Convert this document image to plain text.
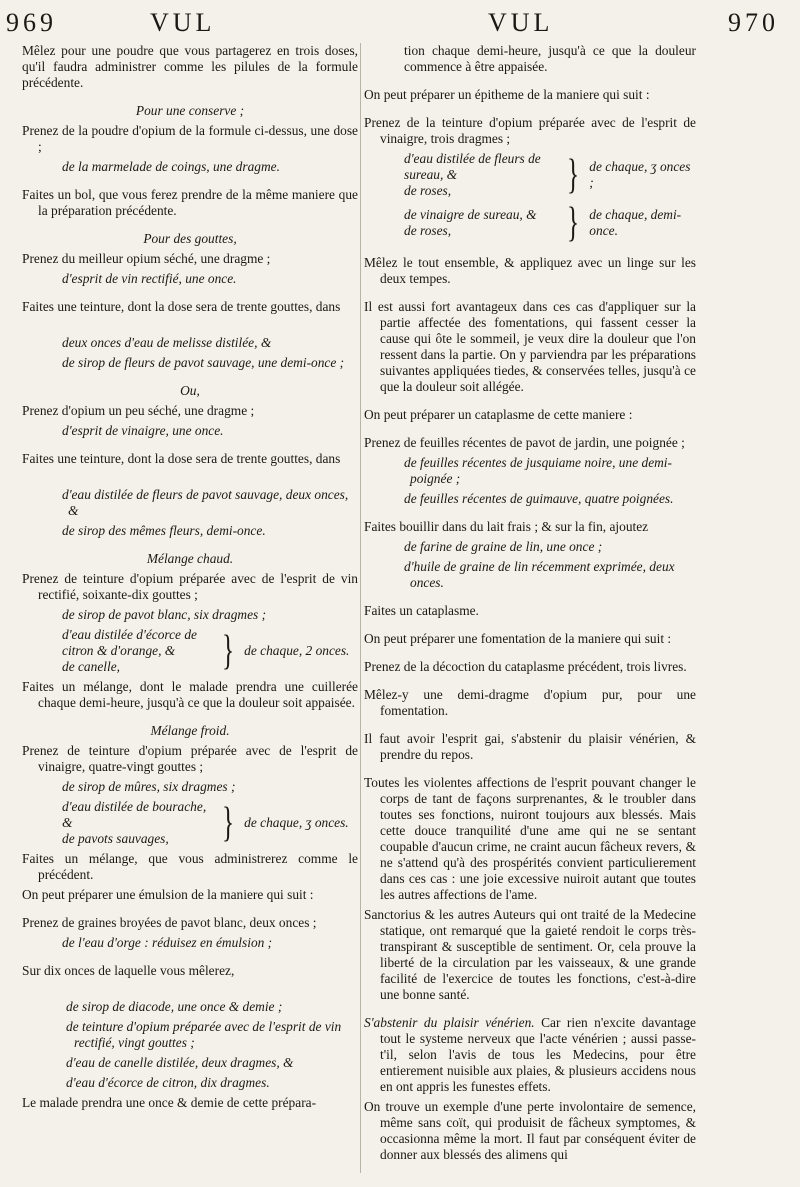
969	VUL	VUL	970

Mêlez pour une poudre que vous partagerez en trois doses, qu'il faudra administrer comme les pilules de la formule précédente.

Pour une conserve ;

Prenez de la poudre d'opium de la formule ci-dessus, une dose ;

de la marmelade de coings, une dragme.

Faites un bol, que vous ferez prendre de la même maniere que la préparation précédente.

Pour des gouttes,

Prenez du meilleur opium séché, une dragme ;

d'esprit de vin rectifié, une once.

Faites une teinture, dont la dose sera de trente gouttes, dans

deux onces d'eau de melisse distilée, &

de sirop de fleurs de pavot sauvage, une demi-once ;

Ou,

Prenez d'opium un peu séché, une dragme ;

d'esprit de vinaigre, une once.

Faites une teinture, dont la dose sera de trente gouttes, dans

d'eau distilée de fleurs de pavot sauvage, deux onces, &

de sirop des mêmes fleurs, demi-once.

Mélange chaud.

Prenez de teinture d'opium préparée avec de l'esprit de vin rectifié, soixante-dix gouttes ;

de sirop de pavot blanc, six dragmes ;

d'eau distilée d'écorce de citron & d'orange, &
de canelle,	} de chaque, 2 onces.

Faites un mélange, dont le malade prendra une cuillerée chaque demi-heure, jusqu'à ce que la douleur soit appaisée.

Mélange froid.

Prenez de teinture d'opium préparée avec de l'esprit de vinaigre, quatre-vingt gouttes ;

de sirop de mûres, six dragmes ;

d'eau distilée de bourache, &
de pavots sauvages,	} de chaque, ʒ onces.

Faites un mélange, que vous administrerez comme le précédent.

On peut préparer une émulsion de la maniere qui suit :

Prenez de graines broyées de pavot blanc, deux onces ;

de l'eau d'orge : réduisez en émulsion ;

Sur dix onces de laquelle vous mêlerez,

de sirop de diacode, une once & demie ;

de teinture d'opium préparée avec de l'esprit de vin rectifié, vingt gouttes ;

d'eau de canelle distilée, deux dragmes, &

d'eau d'écorce de citron, dix dragmes.

Le malade prendra une once & demie de cette prépara-

tion chaque demi-heure, jusqu'à ce que la douleur commence à être appaisée.

On peut préparer un épitheme de la maniere qui suit :

Prenez de la teinture d'opium préparée avec de l'esprit de vinaigre, trois dragmes ;

d'eau distilée de fleurs de sureau, &
de roses,	} de chaque, ʒ onces ;
de vinaigre de sureau, &
de roses,	} de chaque, demi-once.

Mêlez le tout ensemble, & appliquez avec un linge sur les deux tempes.

Il est aussi fort avantageux dans ces cas d'appliquer sur la partie affectée des fomentations, qui fassent cesser la cause qui ôte le sommeil, je veux dire la douleur que l'on ressent dans la partie. On y parviendra par les préparations suivantes appliquées tiedes, & conservées telles, jusqu'à ce que la douleur soit allégée.

On peut préparer un cataplasme de cette maniere :

Prenez de feuilles récentes de pavot de jardin, une poignée ;

de feuilles récentes de jusquiame noire, une demi-poignée ;

de feuilles récentes de guimauve, quatre poignées.

Faites bouillir dans du lait frais ; & sur la fin, ajoutez

de farine de graine de lin, une once ;

d'huile de graine de lin récemment exprimée, deux onces.

Faites un cataplasme.

On peut préparer une fomentation de la maniere qui suit :

Prenez de la décoction du cataplasme précédent, trois livres.

Mêlez-y une demi-dragme d'opium pur, pour une fomentation.

Il faut avoir l'esprit gai, s'abstenir du plaisir vénérien, & prendre du repos.

Toutes les violentes affections de l'esprit pouvant changer le corps de tant de façons surprenantes, & le troubler dans toutes ses fonctions, nuiront toujours aux blessés. Mais cette douce tranquilité d'une ame qui ne se sentant coupable d'aucun crime, ne craint aucun fâcheux revers, & ne s'attend qu'à des prospérités convient particulierement dans ces cas : une joie excessive nuiroit autant que toutes les autres affections de l'ame.

Sanctorius & les autres Auteurs qui ont traité de la Medecine statique, ont remarqué que la gaieté rendoit le corps très-transpirant & susceptible de sentiment. Or, cela prouve la liberté de la circulation par les vaisseaux, & une grande facilité de l'exercice de toutes les fonctions, c'est-à-dire une bonne santé.

S'abstenir du plaisir vénérien. Car rien n'excite davantage tout le systeme nerveux que l'acte vénérien ; aussi passe-t'il, selon l'avis de tous les Medecins, pour être entierement nuisible aux plaies, & plusieurs accidens nous en ont appris les funestes effets.

On trouve un exemple d'une perte involontaire de semence, même sans coït, qui produisit de fâcheux symptomes, & occasionna même la mort. Il faut par conséquent éviter de donner aux blessés des alimens qui
